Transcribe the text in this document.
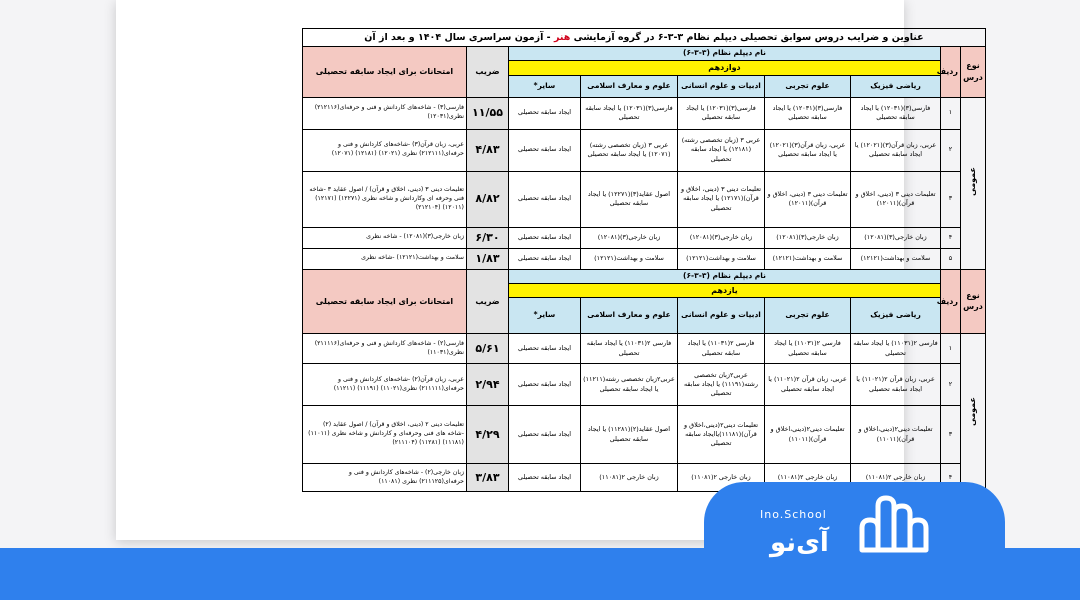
عناوین و ضرایب دروس سوابق تحصیلی دیپلم نظام ۳-۳-۶ در گروه آزمایشی هنر - آزمون سراسری سال ۱۴۰۴ و بعد از آن
نوع درس	ردیف	نام دیپلم نظام (۳-۳-۶)					ضریب	امتحانات برای ایجاد سابقه تحصیلی
		دوازدهم						
		ریاضی فیزیک	علوم تجربی	ادبیات و علوم انسانی	علوم و معارف اسلامی	سایر*		
عمومی	۱	فارسی(۳)(۱۲۰۳۱) یا ایجاد سابقه تحصیلی	فارسی(۳)(۱۲۰۳۱) یا ایجاد سابقه تحصیلی	فارسی(۳)(۱۲۰۳۱) یا ایجاد سابقه تحصیلی	فارسی(۳)(۱۲۰۳۱) یا ایجاد سابقه تحصیلی	ایجاد سابقه تحصیلی	۱۱/۵۵	فارسی(۳) - شاخه‌های کاردانش و فنی و حرفه‌ای(۲۱۲۱۱۶) نظری(۱۲۰۳۱)
	۲	عربی، زبان قرآن(۳)(۱۲۰۲۱) یا ایجاد سابقه تحصیلی	عربی، زبان قرآن(۳)(۱۲۰۲۱) یا ایجاد سابقه تحصیلی	عربی ۳ (زبان تخصصی رشته)(۱۲۱۸۱) یا ایجاد سابقه تحصیلی	عربی ۳ (زبان تخصصی رشته)(۱۲۰۷۱) یا ایجاد سابقه تحصیلی	ایجاد سابقه تحصیلی	۴/۸۳	عربی، زبان قرآن(۳) -شاخه‌های کاردانش و فنی و حرفه‌ای(۲۱۲۱۱۱) نظری (۱۲۰۲۱) (۱۲۱۸۱) (۱۲۰۷۱)
	۳	تعلیمات دینی ۳ (دینی، اخلاق و قرآن)(۱۲۰۱۱)	تعلیمات دینی ۳ (دینی، اخلاق و قرآن)(۱۲۰۱۱)	تعلیمات دینی ۳ (دینی، اخلاق و قرآن)(۱۲۱۷۱) یا ایجاد سابقه تحصیلی	اصول عقاید(۳)(۱۲۲۷۱) یا ایجاد سابقه تحصیلی	ایجاد سابقه تحصیلی	۸/۸۲	تعلیمات دینی ۳ (دینی، اخلاق و قرآن) / اصول عقاید ۳ -شاخه فنی وحرفه ای وکاردانش و شاخه نظری (۱۲۲۷۱) (۱۲۱۷۱) (۱۲۰۱۱) (۲۱۲۱۰۴)
	۴	زبان خارجی(۳)(۱۲۰۸۱)	زبان خارجی(۳)(۱۲۰۸۱)	زبان خارجی(۳)(۱۲۰۸۱)	زبان خارجی(۳)(۱۲۰۸۱)	ایجاد سابقه تحصیلی	۶/۳۰	زبان خارجی(۳)(۱۲۰۸۱) - شاخه نظری
	۵	سلامت و بهداشت(۱۲۱۲۱)	سلامت و بهداشت(۱۲۱۲۱)	سلامت و بهداشت(۱۲۱۲۱)	سلامت و بهداشت(۱۲۱۲۱)	ایجاد سابقه تحصیلی	۱/۸۳	سلامت و بهداشت(۱۲۱۲۱) -شاخه نظری
نوع درس	ردیف	نام دیپلم نظام (۳-۳-۶)					ضریب	امتحانات برای ایجاد سابقه تحصیلی
		یازدهم						
		ریاضی فیزیک	علوم تجربی	ادبیات و علوم انسانی	علوم و معارف اسلامی	سایر*		
عمومی	۱	فارسی ۲(۱۱۰۳۱) یا ایجاد سابقه تحصیلی	فارسی ۲(۱۱۰۳۱) یا ایجاد سابقه تحصیلی	فارسی ۲(۱۱۰۳۱) یا ایجاد سابقه تحصیلی	فارسی ۲(۱۱۰۳۱) یا ایجاد سابقه تحصیلی	ایجاد سابقه تحصیلی	۵/۶۱	فارسی(۲) - شاخه‌های کاردانش و فنی و حرفه‌ای(۲۱۱۱۱۶) نظری(۱۱۰۳۱)
	۲	عربی، زبان قرآن ۲(۱۱۰۲۱) یا ایجاد سابقه تحصیلی	عربی، زبان قرآن ۲(۱۱۰۲۱) یا ایجاد سابقه تحصیلی	عربی۲زبان تخصصی رشته(۱۱۱۹۱) یا ایجاد سابقه تحصیلی	عربی۲زبان تخصصی رشته(۱۱۲۱۱) یا ایجاد سابقه تحصیلی	ایجاد سابقه تحصیلی	۲/۹۴	عربی، زبان قرآن(۲) -شاخه‌های کاردانش و فنی و حرفه‌ای(۲۱۱۱۱۱) نظری(۱۱۰۲۱) (۱۱۱۹۱) (۱۱۲۱۱)
	۳	تعلیمات دینی۲(دینی،اخلاق و قرآن)(۱۱۰۱۱)	تعلیمات دینی۲(دینی،اخلاق و قرآن)(۱۱۰۱۱)	تعلیمات دینی۲(دینی،اخلاق و قرآن)(۱۱۱۸۱)یاایجاد سابقه تحصیلی	اصول عقاید(۲)(۱۱۲۸۱) یا ایجاد سابقه تحصیلی	ایجاد سابقه تحصیلی	۴/۲۹	تعلیمات دینی ۲ (دینی، اخلاق و قرآن) / اصول عقاید (۲) -شاخه های فنی وحرفه‌ای و کاردانش و شاخه نظری (۱۱۰۱۱) (۱۱۱۸۱) (۱۱۲۸۱) (۲۱۱۱۰۴)
	۴	زبان خارجی ۲(۱۱۰۸۱)	زبان خارجی ۲(۱۱۰۸۱)	زبان خارجی ۲(۱۱۰۸۱)	زبان خارجی ۲(۱۱۰۸۱)	ایجاد سابقه تحصیلی	۳/۸۳	زبان خارجی(۲) - شاخه‌های کاردانش و فنی و حرفه‌ای(۲۱۱۱۲۵) نظری (۱۱۰۸۱)
Ino.School
آی‌نو
